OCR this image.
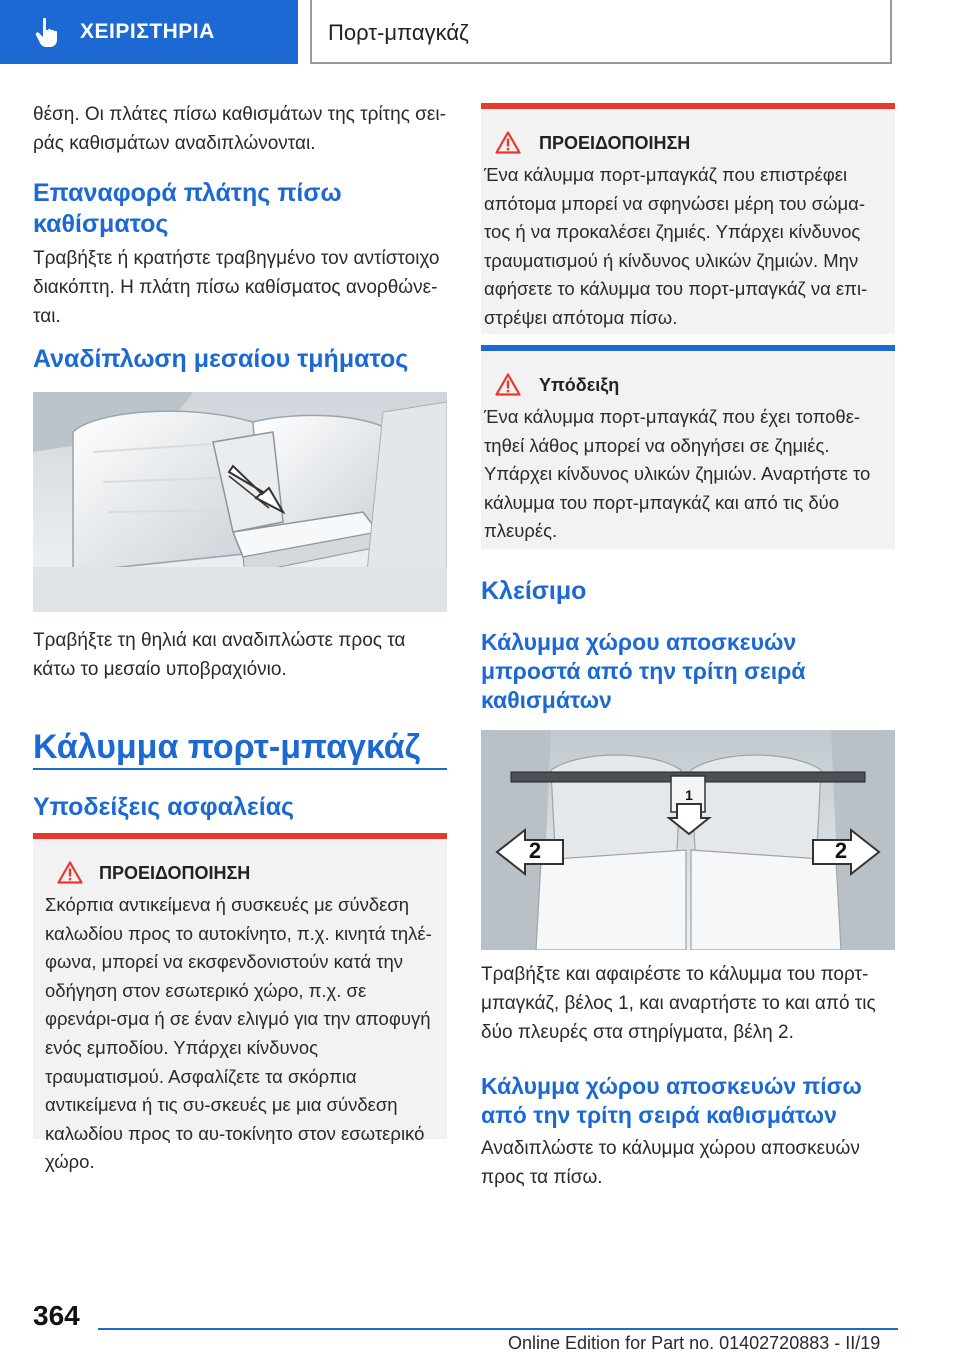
ΧΕΙΡΙΣΤΗΡΙΑ	Πορτ-μπαγκάζ

θέση. Οι πλάτες πίσω καθισμάτων της τρίτης σει-ράς καθισμάτων αναδιπλώνονται.

Επαναφορά πλάτης πίσω καθίσματος

Τραβήξτε ή κρατήστε τραβηγμένο τον αντίστοιχο διακόπτη. Η πλάτη πίσω καθίσματος ανορθώνε-ται.

Αναδίπλωση μεσαίου τμήματος

Τραβήξτε τη θηλιά και αναδιπλώστε προς τα κάτω το μεσαίο υποβραχιόνιο.

Κάλυμμα πορτ-μπαγκάζ
Υποδείξεις ασφαλείας
ΠΡΟΕΙΔΟΠΟΙΗΣΗ

Σκόρπια αντικείμενα ή συσκευές με σύνδεση καλωδίου προς το αυτοκίνητο, π.χ. κινητά τηλέ-φωνα, μπορεί να εκσφενδονιστούν κατά την οδήγηση στον εσωτερικό χώρο, π.χ. σε φρενάρι-σμα ή σε έναν ελιγμό για την αποφυγή ενός εμποδίου. Υπάρχει κίνδυνος τραυματισμού. Ασφαλίζετε τα σκόρπια αντικείμενα ή τις συ-σκευές με μια σύνδεση καλωδίου προς το αυ-τοκίνητο στον εσωτερικό χώρο.

ΠΡΟΕΙΔΟΠΟΙΗΣΗ

Ένα κάλυμμα πορτ-μπαγκάζ που επιστρέφει απότομα μπορεί να σφηνώσει μέρη του σώμα-τος ή να προκαλέσει ζημιές. Υπάρχει κίνδυνος τραυματισμού ή κίνδυνος υλικών ζημιών. Μην αφήσετε το κάλυμμα του πορτ-μπαγκάζ να επι-στρέψει απότομα πίσω.

Υπόδειξη

Ένα κάλυμμα πορτ-μπαγκάζ που έχει τοποθε-τηθεί λάθος μπορεί να οδηγήσει σε ζημιές. Υπάρχει κίνδυνος υλικών ζημιών. Αναρτήστε το κάλυμμα του πορτ-μπαγκάζ και από τις δύο πλευρές.

Κλείσιμο
Κάλυμμα χώρου αποσκευών μπροστά από την τρίτη σειρά καθισμάτων
1
2	2

Τραβήξτε και αφαιρέστε το κάλυμμα του πορτ-μπαγκάζ, βέλος 1, και αναρτήστε το και από τις δύο πλευρές στα στηρίγματα, βέλη 2.

Κάλυμμα χώρου αποσκευών πίσω από την τρίτη σειρά καθισμάτων

Αναδιπλώστε το κάλυμμα χώρου αποσκευών προς τα πίσω.

364
Online Edition for Part no. 01402720883 - II/19
